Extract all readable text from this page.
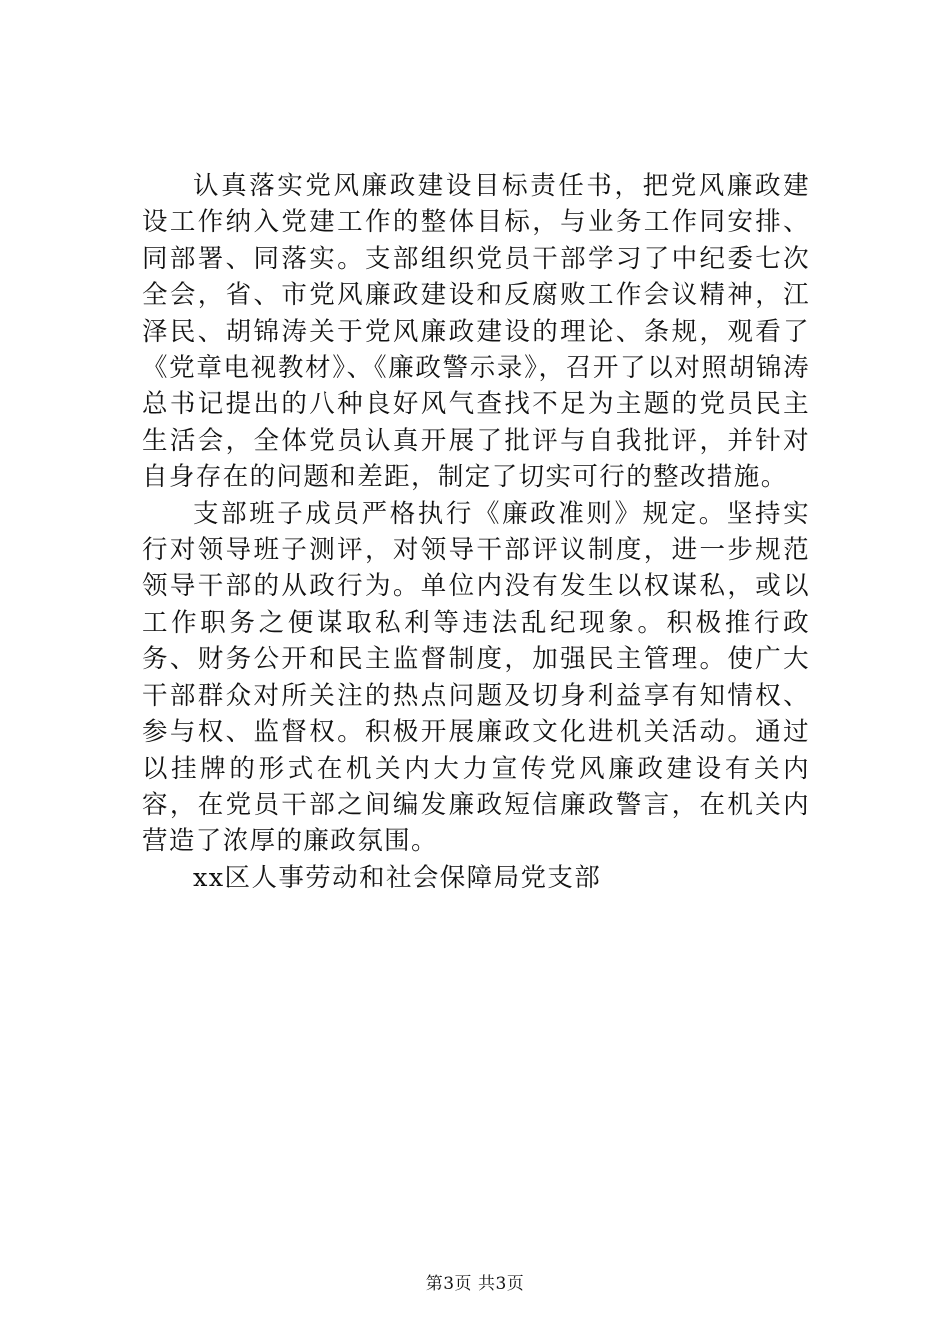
认真落实党风廉政建设目标责任书，把党风廉政建设工作纳入党建工作的整体目标，与业务工作同安排、同部署、同落实。支部组织党员干部学习了中纪委七次全会，省、市党风廉政建设和反腐败工作会议精神，江泽民、胡锦涛关于党风廉政建设的理论、条规，观看了《党章电视教材》、《廉政警示录》，召开了以对照胡锦涛总书记提出的八种良好风气查找不足为主题的党员民主生活会，全体党员认真开展了批评与自我批评，并针对自身存在的问题和差距，制定了切实可行的整改措施。

支部班子成员严格执行《廉政准则》规定。坚持实行对领导班子测评，对领导干部评议制度，进一步规范领导干部的从政行为。单位内没有发生以权谋私，或以工作职务之便谋取私利等违法乱纪现象。积极推行政务、财务公开和民主监督制度，加强民主管理。使广大干部群众对所关注的热点问题及切身利益享有知情权、参与权、监督权。积极开展廉政文化进机关活动。通过以挂牌的形式在机关内大力宣传党风廉政建设有关内容，在党员干部之间编发廉政短信廉政警言，在机关内营造了浓厚的廉政氛围。

xx区人事劳动和社会保障局党支部

第3页 共3页
